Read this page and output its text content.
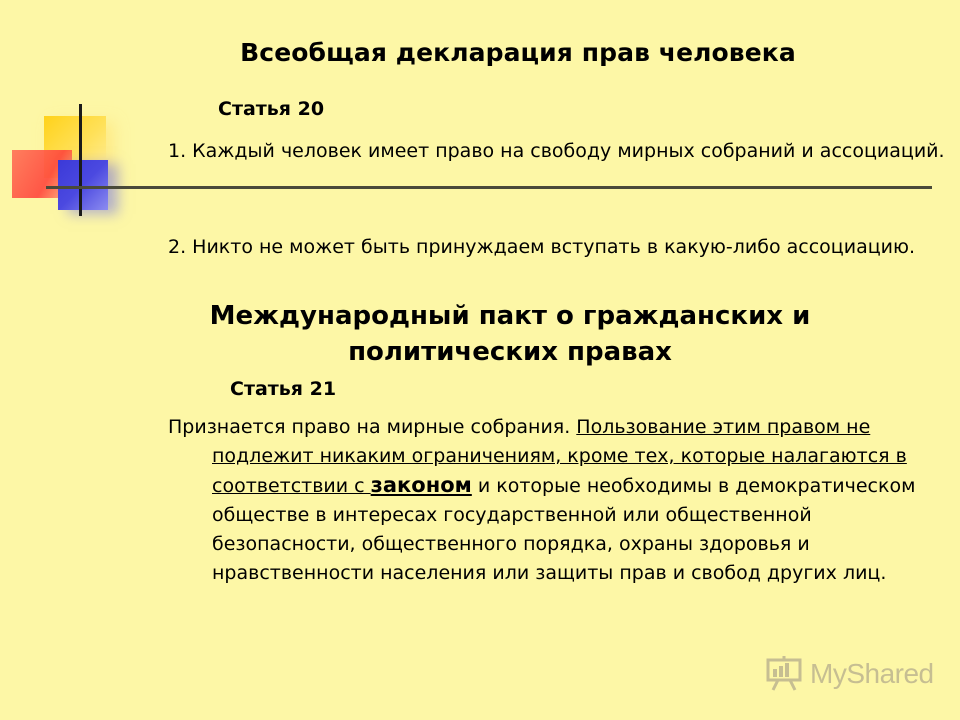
Всеобщая декларация прав человека
Статья 20
1. Каждый человек имеет право на свободу мирных собраний и ассоциаций.
2. Никто не может быть принуждаем вступать в какую-либо ассоциацию.
Международный пакт о гражданских и политических правах
Статья 21
Признается право на мирные собрания. Пользование этим правом не подлежит никаким ограничениям, кроме тех, которые налагаются в соответствии с законом и которые необходимы в демократическом обществе в интересах государственной или общественной безопасности, общественного порядка, охраны здоровья и нравственности населения или защиты прав и свобод других лиц.
MyShared
